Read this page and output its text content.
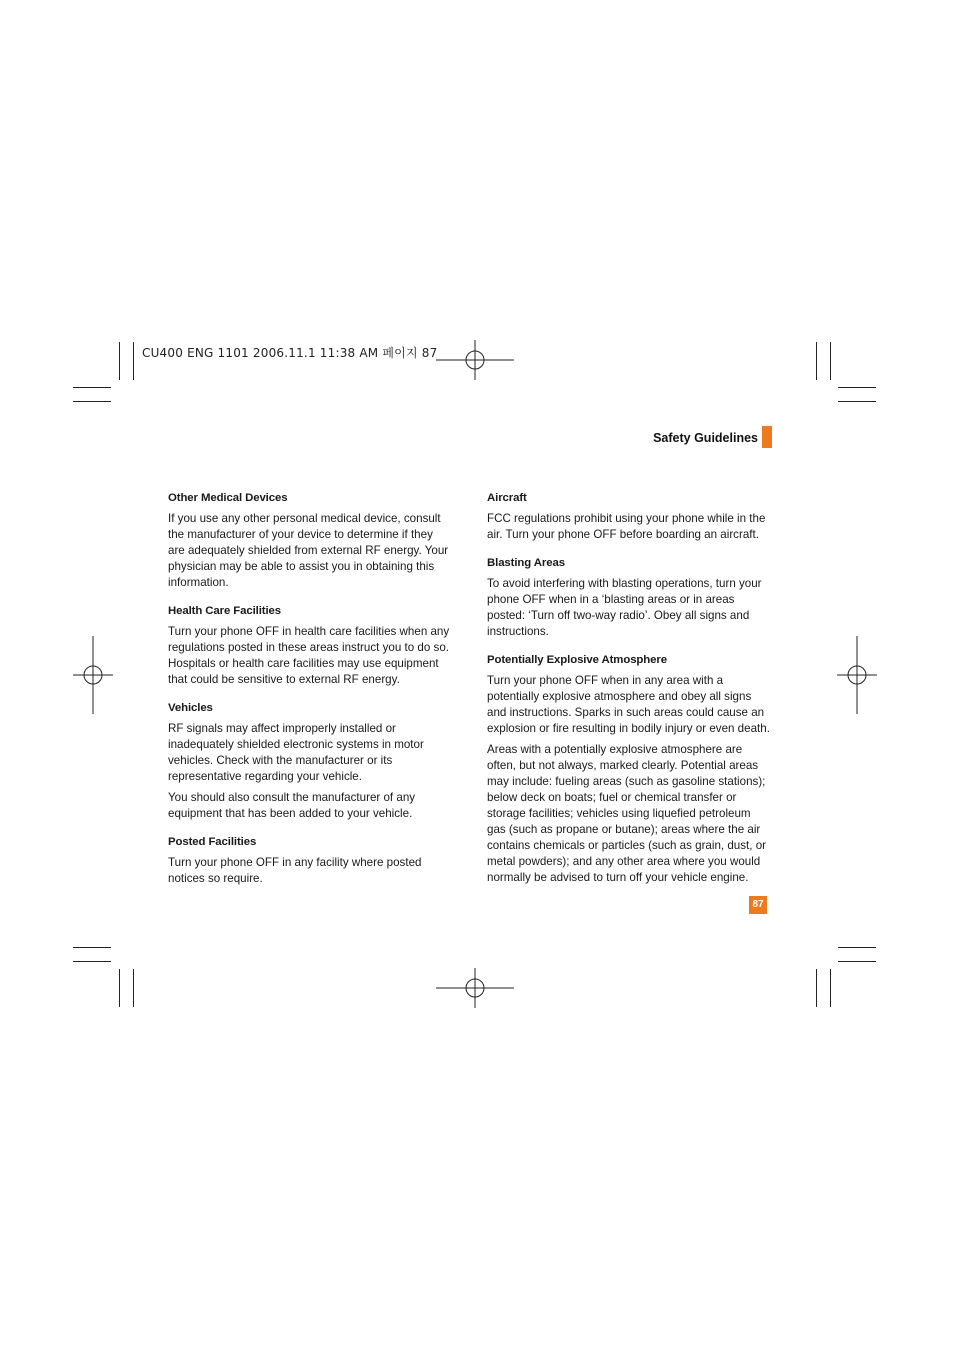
CU400 ENG 1101 2006.11.1 11:38 AM 페이지 87
Safety Guidelines
Other Medical Devices

If you use any other personal medical device, consult the manufacturer of your device to determine if they are adequately shielded from external RF energy. Your physician may be able to assist you in obtaining this information.

Health Care Facilities

Turn your phone OFF in health care facilities when any regulations posted in these areas instruct you to do so. Hospitals or health care facilities may use equipment that could be sensitive to external RF energy.

Vehicles

RF signals may affect improperly installed or inadequately shielded electronic systems in motor vehicles. Check with the manufacturer or its representative regarding your vehicle.

You should also consult the manufacturer of any equipment that has been added to your vehicle.

Posted Facilities

Turn your phone OFF in any facility where posted notices so require.

Aircraft

FCC regulations prohibit using your phone while in the air. Turn your phone OFF before boarding an aircraft.

Blasting Areas

To avoid interfering with blasting operations, turn your phone OFF when in a ‘blasting areas or in areas posted: ‘Turn off two-way radio’. Obey all signs and instructions.

Potentially Explosive Atmosphere

Turn your phone OFF when in any area with a potentially explosive atmosphere and obey all signs and instructions. Sparks in such areas could cause an explosion or fire resulting in bodily injury or even death.

Areas with a potentially explosive atmosphere are often, but not always, marked clearly. Potential areas may include: fueling areas (such as gasoline stations); below deck on boats; fuel or chemical transfer or storage facilities; vehicles using liquefied petroleum gas (such as propane or butane); areas where the air contains chemicals or particles (such as grain, dust, or metal powders); and any other area where you would normally be advised to turn off your vehicle engine.

87
